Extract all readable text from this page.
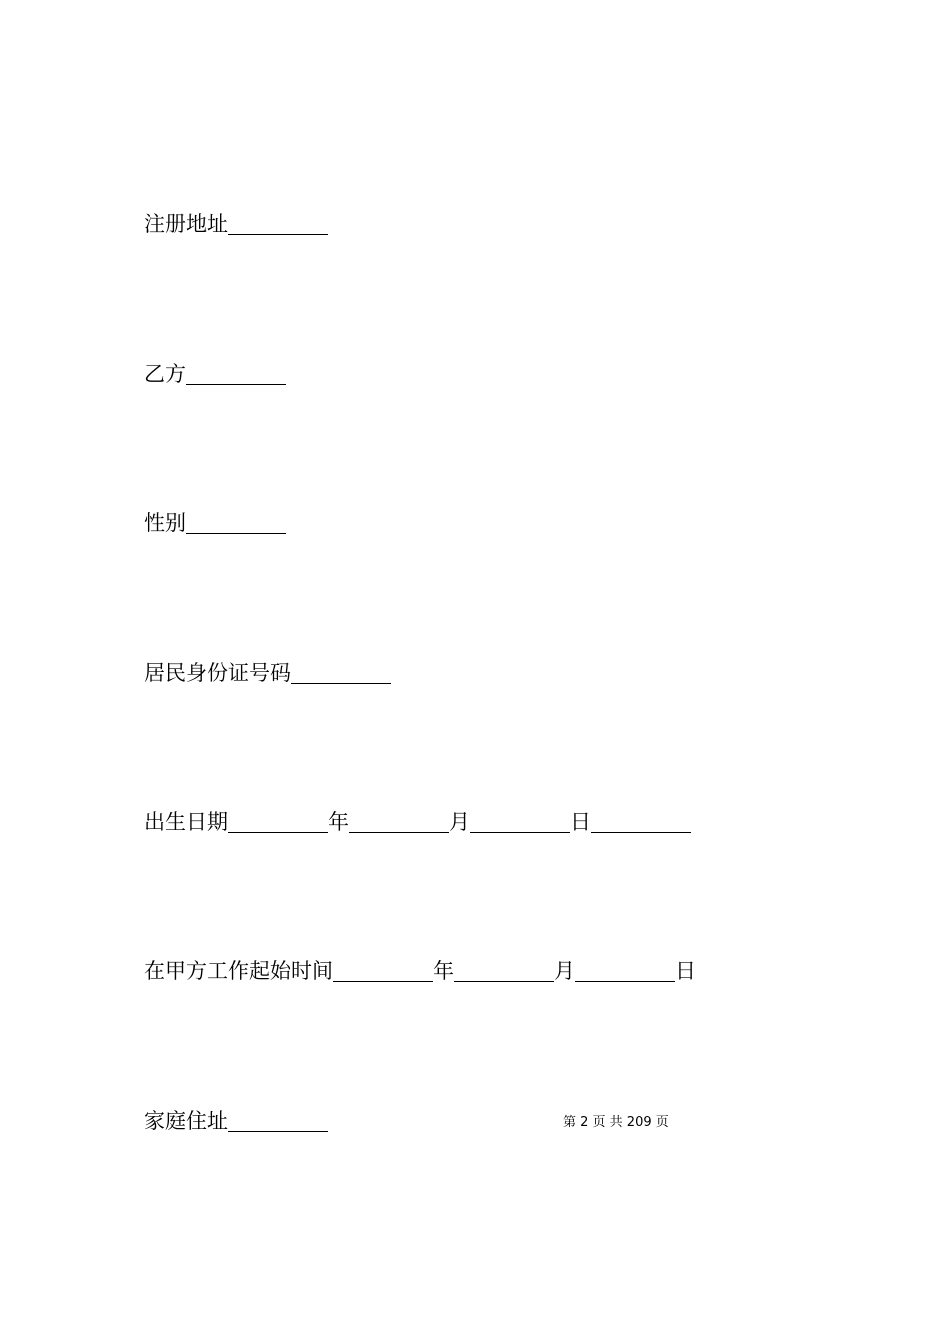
注册地址
乙方
性别
居民身份证号码
出生日期	年	月	日
在甲方工作起始时间	年	月	日
家庭住址	第 2 页 共 209 页
